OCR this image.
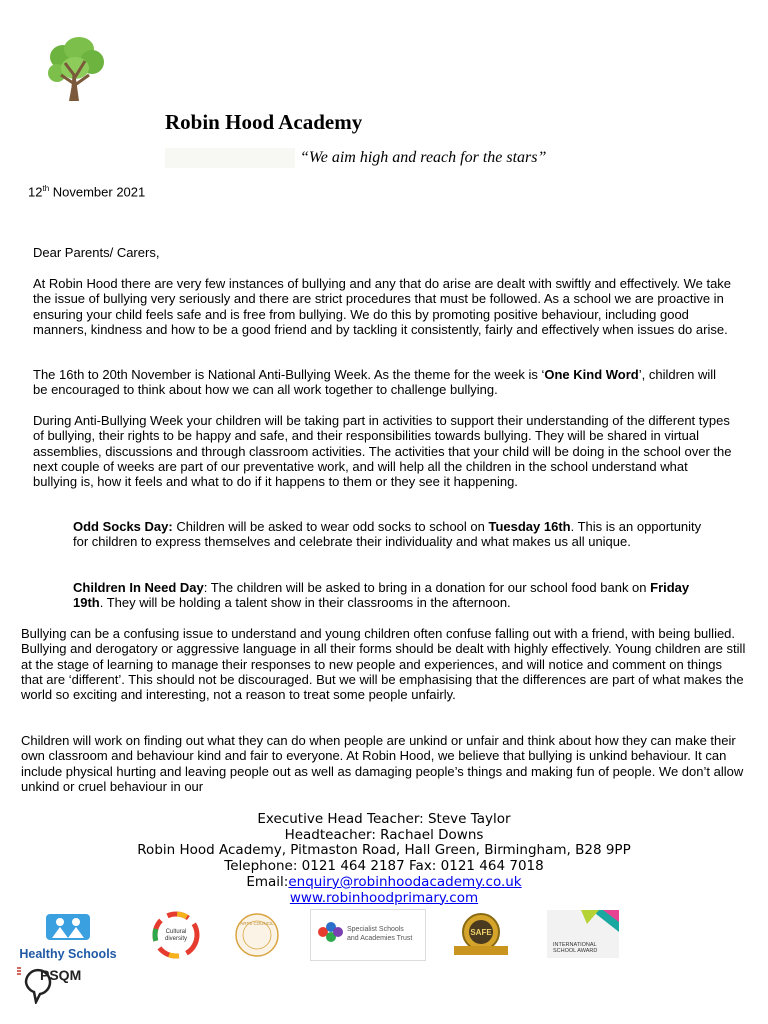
Robin Hood Academy
“We aim high and reach for the stars”
12th November 2021
Dear Parents/ Carers,
At Robin Hood there are very few instances of bullying and any that do arise are dealt with swiftly and effectively. We take the issue of bullying very seriously and there are strict procedures that must be followed. As a school we are proactive in ensuring your child feels safe and is free from bullying. We do this by promoting positive behaviour, including good manners, kindness and how to be a good friend and by tackling it consistently, fairly and effectively when issues do arise.
The 16th to 20th November is National Anti-Bullying Week. As the theme for the week is ‘One Kind Word’, children will be encouraged to think about how we can all work together to challenge bullying.
During Anti-Bullying Week your children will be taking part in activities to support their understanding of the different types of bullying, their rights to be happy and safe, and their responsibilities towards bullying. They will be shared in virtual assemblies, discussions and through classroom activities. The activities that your child will be doing in the school over the next couple of weeks are part of our preventative work, and will help all the children in the school understand what bullying is, how it feels and what to do if it happens to them or they see it happening.
Odd Socks Day: Children will be asked to wear odd socks to school on Tuesday 16th. This is an opportunity for children to express themselves and celebrate their individuality and what makes us all unique.
Children In Need Day: The children will be asked to bring in a donation for our school food bank on Friday 19th. They will be holding a talent show in their classrooms in the afternoon.
Bullying can be a confusing issue to understand and young children often confuse falling out with a friend, with being bullied. Bullying and derogatory or aggressive language in all their forms should be dealt with highly effectively. Young children are still at the stage of learning to manage their responses to new people and experiences, and will notice and comment on things that are ‘different’. This should not be discouraged. But we will be emphasising that the differences are part of what makes the world so exciting and interesting, not a reason to treat some people unfairly.
Children will work on finding out what they can do when people are unkind or unfair and think about how they can make their own classroom and behaviour kind and fair to everyone. At Robin Hood, we believe that bullying is unkind behaviour. It can include physical hurting and leaving people out as well as damaging people’s things and making fun of people. We don’t allow unkind or cruel behaviour in our
Executive Head Teacher: Steve Taylor
Headteacher: Rachael Downs
Robin Hood Academy, Pitmaston Road, Hall Green, Birmingham, B28 9PP
Telephone: 0121 464 2187 Fax: 0121 464 7018
Email:enquiry@robinhoodacademy.co.uk
www.robinhoodprimary.com
Healthy Schools
Cultural
diversity
ARTS COUNCIL
Specialist Schools
and Academies Trust
SAFE
INTERNATIONAL
SCHOOL AWARD
PSQM
